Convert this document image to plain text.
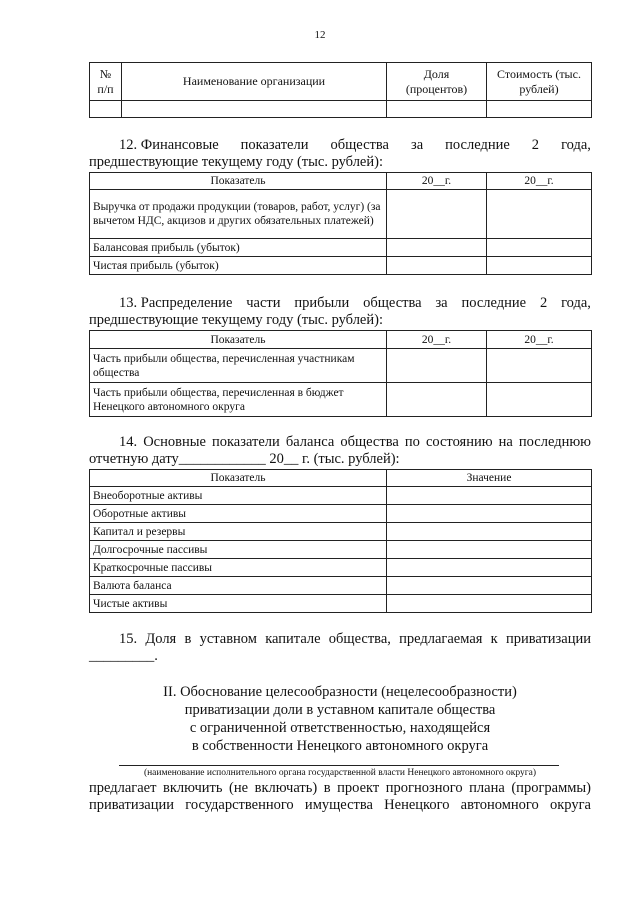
12
№ п/п	Наименование организации	Доля (процентов)	Стоимость (тыс. рублей)

12. Финансовые показатели общества за последние 2 года,
предшествующие текущему году (тыс. рублей):
Показатель	20__г.	20__г.
Выручка от продажи продукции (товаров, работ, услуг) (за вычетом НДС, акцизов и других обязательных платежей)		
Балансовая прибыль (убыток)		
Чистая прибыль (убыток)		
13. Распределение части прибыли общества за последние 2 года,
предшествующие текущему году (тыс. рублей):
Показатель	20__г.	20__г.
Часть прибыли общества, перечисленная участникам общества		
Часть прибыли общества, перечисленная в бюджет Ненецкого автономного округа		
14. Основные показатели баланса общества по состоянию на последнюю
отчетную дату____________ 20__ г. (тыс. рублей):
Показатель	Значение
Внеоборотные активы	
Оборотные активы	
Капитал и резервы	
Долгосрочные пассивы	
Краткосрочные пассивы	
Валюта баланса	
Чистые активы	
15. Доля в уставном капитале общества, предлагаемая к приватизации
_________.
II. Обоснование целесообразности (нецелесообразности)
приватизации доли в уставном капитале общества
с ограниченной ответственностью, находящейся
в собственности Ненецкого автономного округа
(наименование исполнительного органа государственной власти Ненецкого автономного округа)
предлагает включить (не включать) в проект прогнозного плана (программы)
приватизации государственного имущества Ненецкого автономного округа
